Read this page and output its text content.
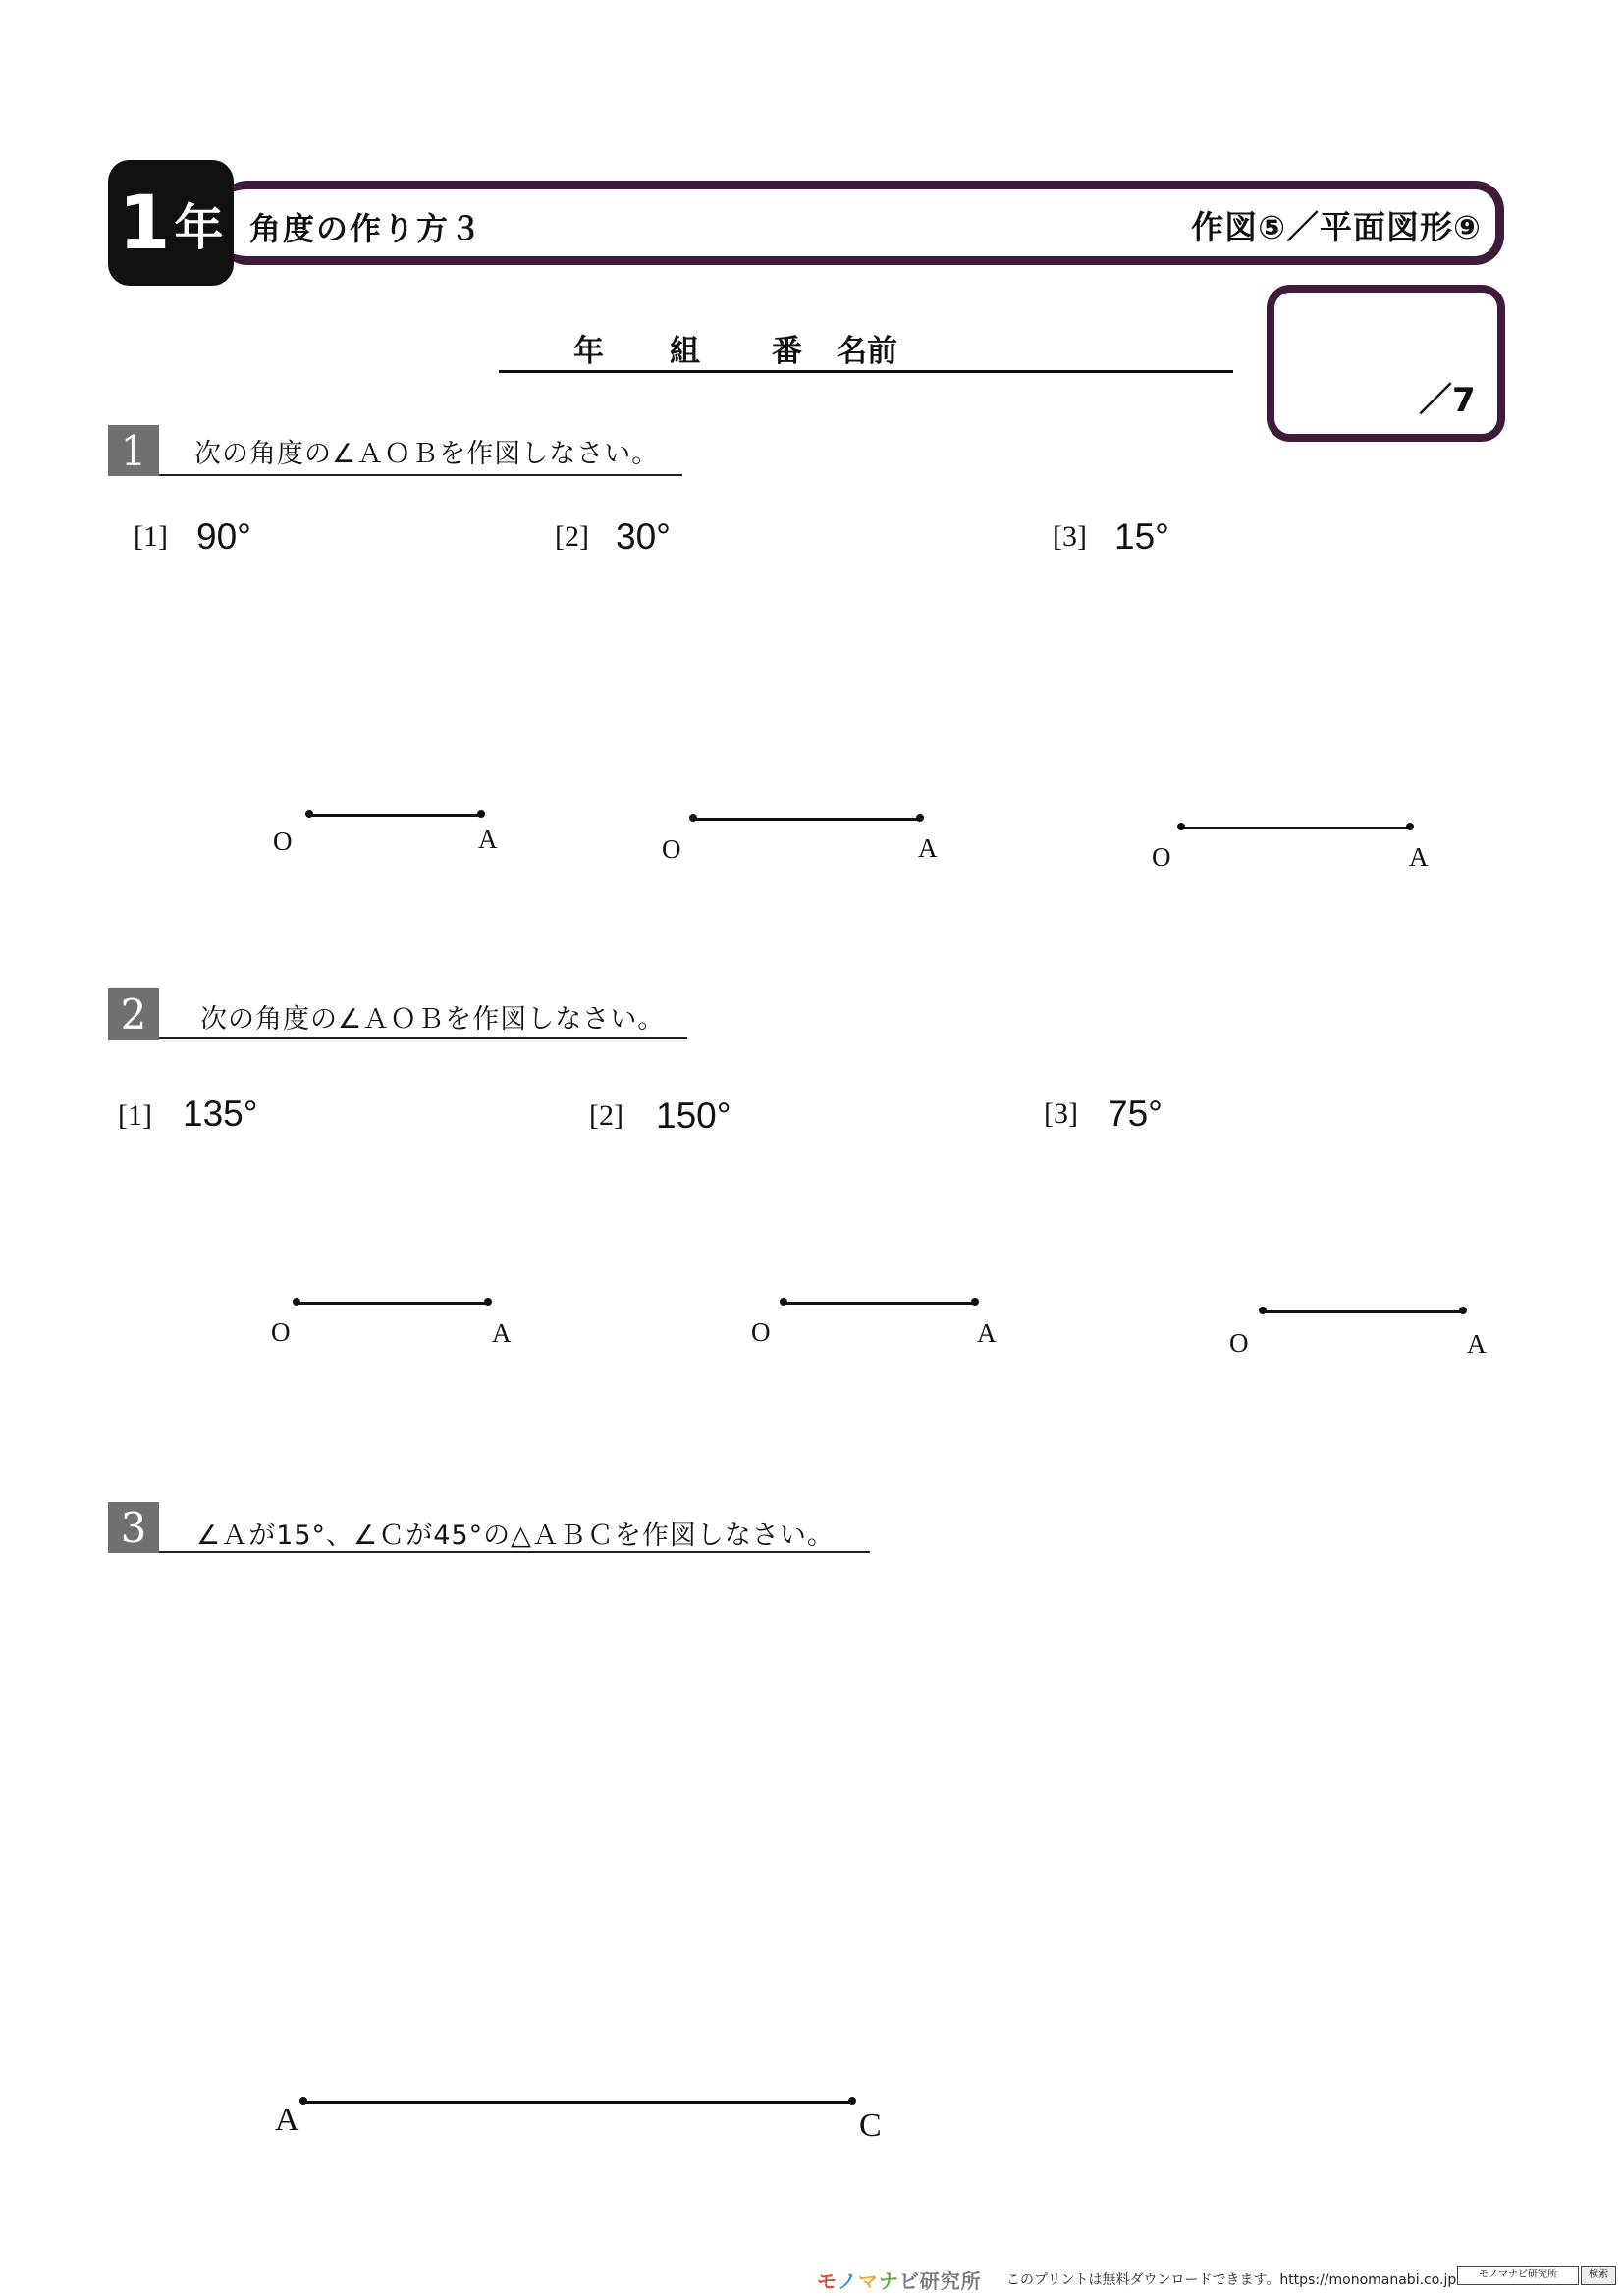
1 年 角度の作り方３	作図⑤／平面図形⑨
年 組 番 名前
／7
1	次の角度の∠ＡＯＢを作図しなさい。
[1] 90°	[2] 30°	[3] 15°
O	A	O	A	O	A
2	次の角度の∠ＡＯＢを作図しなさい。
[1] 135°	[2] 150°	[3] 75°
O	A	O	A	O	A
3	∠Ａが15°、∠Ｃが45°の△ＡＢＣを作図しなさい。
A	C
モノマナビ研究所 このプリントは無料ダウンロードできます。https://monomanabi.co.jp	モノマナビ研究所	検索
